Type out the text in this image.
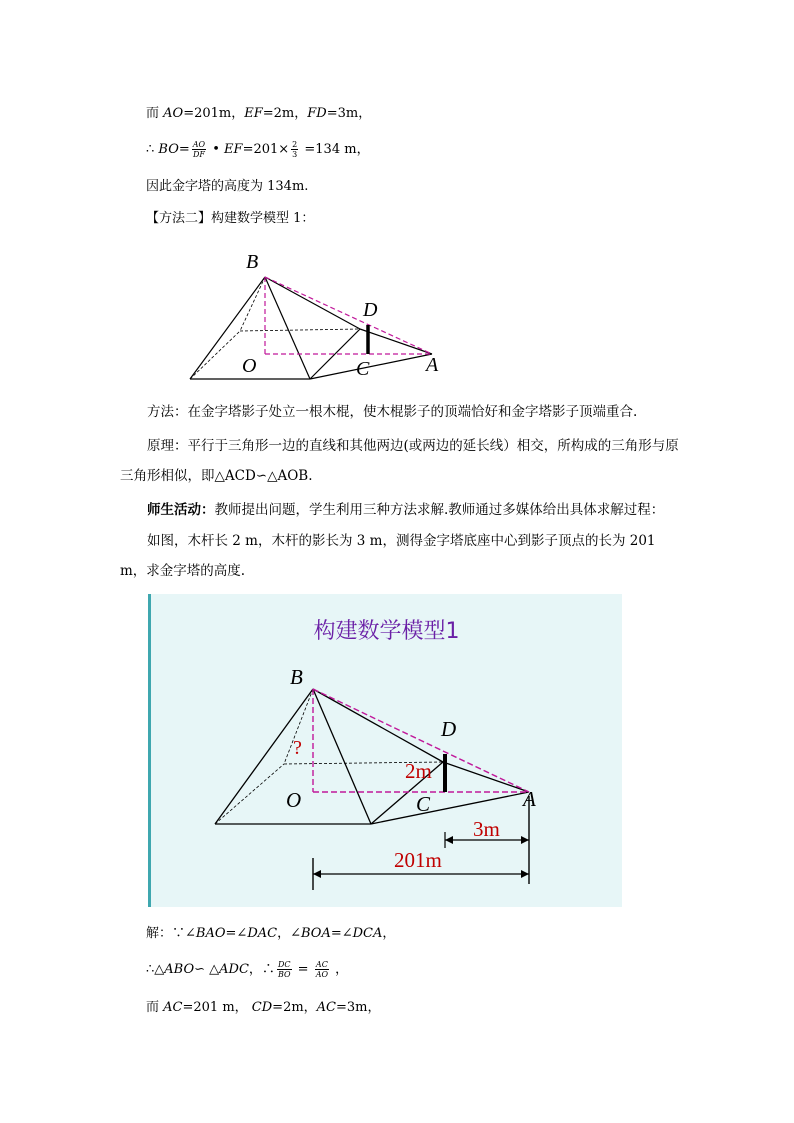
而 AO=201m，EF=2m，FD=3m，
∴ $BO= \frac{AO}{DF}$ • $EF=201\times \frac{2}{3} =134$ m，
因此金字塔的高度为 134m.
【方法二】构建数学模型 1：
B
D
O	C	A
方法：在金字塔影子处立一根木棍，使木棍影子的顶端恰好和金字塔影子顶端重合.
原理：平行于三角形一边的直线和其他两边(或两边的延长线）相交，所构成的三角形与原三角形相似，即△ACD∽△AOB.
师生活动：教师提出问题，学生利用三种方法求解.教师通过多媒体给出具体求解过程：
如图，木杆长 2 m，木杆的影长为 3 m，测得金字塔底座中心到影子顶点的长为 201 m，求金字塔的高度.
构建数学模型1
B
D
O	C	A
?
2m
3m
201m
解：∵∠BAO=∠DAC，∠BOA=∠DCA，
∴△ABO∽ △ADC，∴ $\frac{DC}{BO} = \frac{AC}{AO}$ ，
而 AC=201 m， CD=2m，AC=3m，
